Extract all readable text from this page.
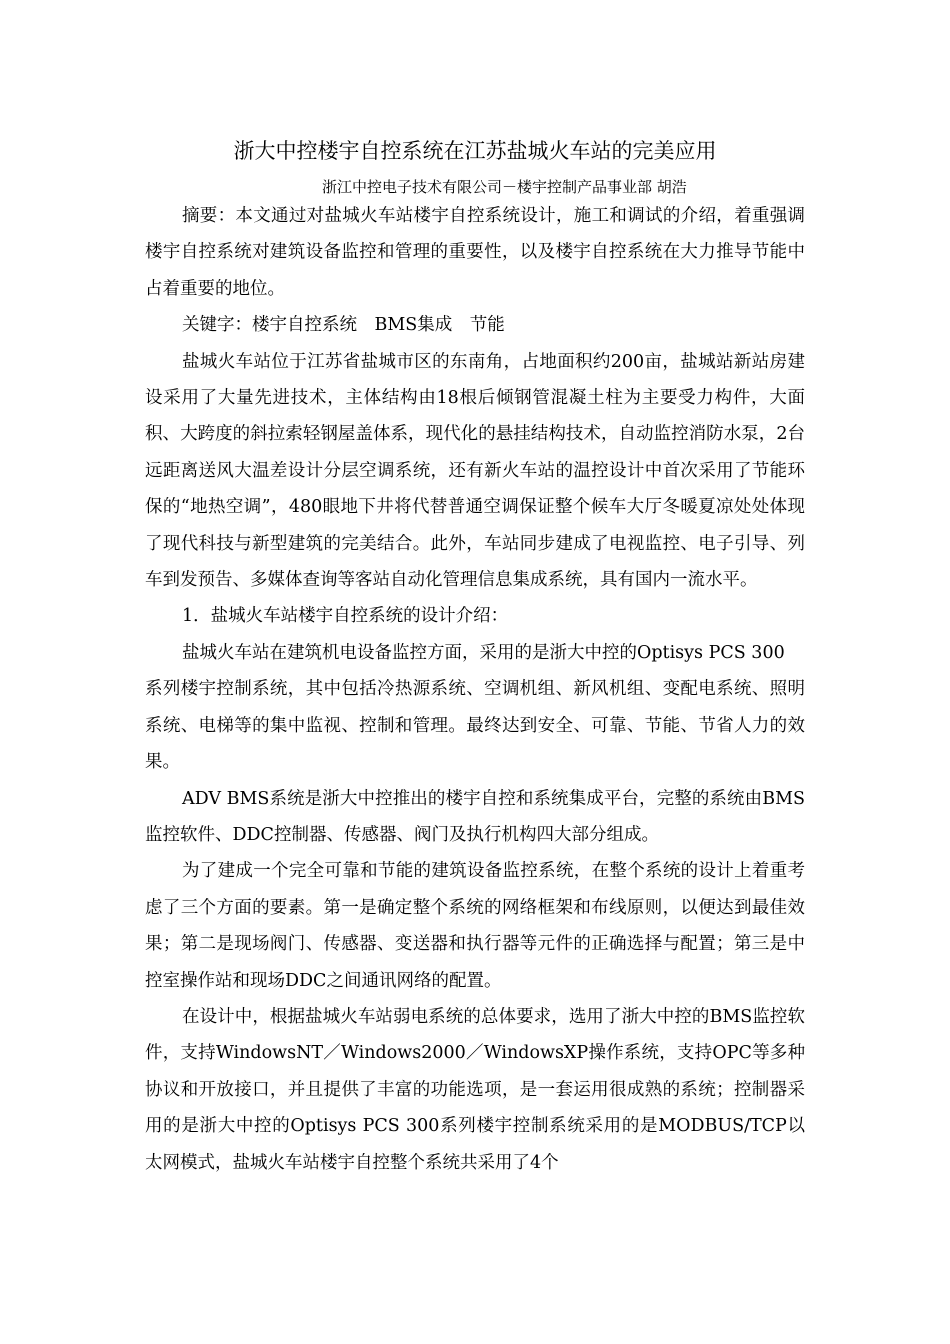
浙大中控楼宇自控系统在江苏盐城火车站的完美应用
浙江中控电子技术有限公司－楼宇控制产品事业部 胡浩

摘要：本文通过对盐城火车站楼宇自控系统设计，施工和调试的介绍，着重强调楼宇自控系统对建筑设备监控和管理的重要性，以及楼宇自控系统在大力推导节能中占着重要的地位。

关键字：楼宇自控系统　BMS集成　节能

盐城火车站位于江苏省盐城市区的东南角，占地面积约200亩，盐城站新站房建设采用了大量先进技术，主体结构由18根后倾钢管混凝土柱为主要受力构件，大面积、大跨度的斜拉索轻钢屋盖体系，现代化的悬挂结构技术，自动监控消防水泵，2台远距离送风大温差设计分层空调系统，还有新火车站的温控设计中首次采用了节能环保的“地热空调”，480眼地下井将代替普通空调保证整个候车大厅冬暖夏凉处处体现了现代科技与新型建筑的完美结合。此外，车站同步建成了电视监控、电子引导、列车到发预告、多媒体查询等客站自动化管理信息集成系统，具有国内一流水平。

1．盐城火车站楼宇自控系统的设计介绍：

盐城火车站在建筑机电设备监控方面，采用的是浙大中控的Optisys PCS 300

系列楼宇控制系统，其中包括冷热源系统、空调机组、新风机组、变配电系统、照明系统、电梯等的集中监视、控制和管理。最终达到安全、可靠、节能、节省人力的效果。

ADV BMS系统是浙大中控推出的楼宇自控和系统集成平台，完整的系统由BMS监控软件、DDC控制器、传感器、阀门及执行机构四大部分组成。

为了建成一个完全可靠和节能的建筑设备监控系统，在整个系统的设计上着重考虑了三个方面的要素。第一是确定整个系统的网络框架和布线原则，以便达到最佳效果；第二是现场阀门、传感器、变送器和执行器等元件的正确选择与配置；第三是中控室操作站和现场DDC之间通讯网络的配置。

在设计中，根据盐城火车站弱电系统的总体要求，选用了浙大中控的BMS监控软件，支持WindowsNT／Windows2000／WindowsXP操作系统，支持OPC等多种协议和开放接口，并且提供了丰富的功能选项，是一套运用很成熟的系统；控制器采用的是浙大中控的Optisys PCS 300系列楼宇控制系统采用的是MODBUS/TCP以太网模式，盐城火车站楼宇自控整个系统共采用了4个
